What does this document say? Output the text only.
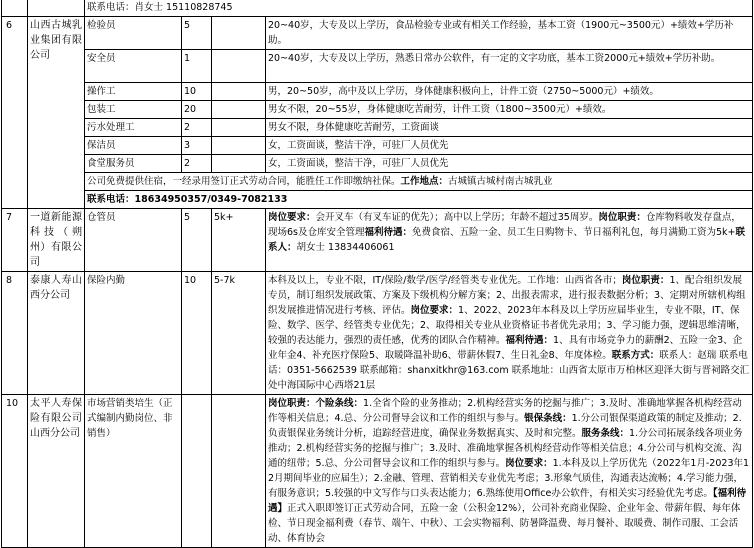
		联系电话：肖女士 15110828745			
6	山西古城乳业集团有限公司	检验员	5		20~40岁，大专及以上学历，食品检验专业或有相关工作经验，基本工资（1900元~3500元）+绩效+学历补助。
		安全员	1		20~40岁，大专及以上学历，熟悉日常办公软件，有一定的文字功底，基本工资2000元+绩效+学历补助。
		操作工	10		男，20~50岁，高中及以上学历，身体健康积极向上，计件工资（2750~5000元）+绩效。
		包装工	20		男女不限，20~55岁，身体健康吃苦耐劳，计件工资（1800~3500元）+绩效。
		污水处理工	2		男女不限，身体健康吃苦耐劳，工资面谈
		保洁员	3		女，工资面谈，整洁干净，可驻厂人员优先
		食堂服务员	2		女，工资面谈，整洁干净，可驻厂人员优先
		公司免费提供住宿，一经录用签订正式劳动合同，能胜任工作即缴纳社保。工作地点：古城镇古城村南古城乳业			
		联系电话：18634950357/0349-7082133			
7	一道新能源科技（朔州）有限公司	仓管员	5	5k+	岗位要求：会开叉车（有叉车证的优先）；高中以上学历；年龄不超过35周岁。岗位职责：仓库物料收发存盘点，现场6s及仓库安全管理福利待遇：免费食宿、五险一金、员工生日购物卡、节日福利礼包，每月满勤工资为5k+联系人：胡女士 13834406061
8	泰康人寿山西分公司	保险内勤	10	5-7k	本科及以上，专业不限，IT/保险/数学/医学/经管类专业优先。工作地：山西省各市；岗位职责：1、配合组织发展专员，制订组织发展政策、方案及下级机构分解方案；2、出报表需求，进行报表数据分析；3、定期对所辖机构组织发展推进情况进行考核、评估。岗位要求：1、2022、2023年本科及以上学历应届毕业生，专业不限，IT、保险、数学、医学、经管类专业优先；2、取得相关专业从业资格证书者优先录用；3、学习能力强，逻辑思维清晰，较强的表达能力，强烈的责任感，优秀的团队合作精神。福利待遇：1、具有市场竞争力的薪酬2、五险一金3、企业年金4、补充医疗保险5、取暖降温补助6、带薪休假7、生日礼金8、年度体检。联系方式：联系人：赵瑞 联系电话：0351-5662539 联系邮箱：shanxitkhr@163.com 联系地址：山西省太原市万柏林区迎泽大街与晋祠路交汇处中海国际中心西塔21层
10	太平人寿保险有限公司山西分公司	市场营销类培生（正式编制内勤岗位、非销售）			岗位职责：个险条线：1.全省个险的业务推动；2.机构经营实务的挖掘与推广；3.及时、准确地掌握各机构经营动作等相关信息；4.总、分公司督导会议和工作的组织与参与。银保条线：1.分公司银保渠道政策的制定及推动；2.负责银保业务统计分析，追踪经营进度，确保业务数据真实、及时和完整。服务条线：1.分公司拓展条线各项业务推动；2.机构经营实务的挖掘与推广；3.及时、准确地掌握各机构经营动作等相关信息；4.分公司与机构交流、沟通的纽带；5.总、分公司督导会议和工作的组织与参与。岗位要求：1.本科及以上学历优先（2022年1月-2023年12月期间毕业的应届生）；2.金融、管理、营销相关专业优先考虑；3.形象气质佳，沟通表达流畅；4.学习能力强，有服务意识；5.较强的中文写作与口头表达能力；6.熟练使用Office办公软件，有相关实习经验优先考虑。【福利待遇】正式入职即签订正式劳动合同，五险一金（公积金12%），公司补充商业保险、企业年金、带薪年假、每年体检、节日现金福利费（春节、端午、中秋）、工会实物福利、防暑降温费、每月餐补、取暖费、制作司服、工会活动、体育协会
